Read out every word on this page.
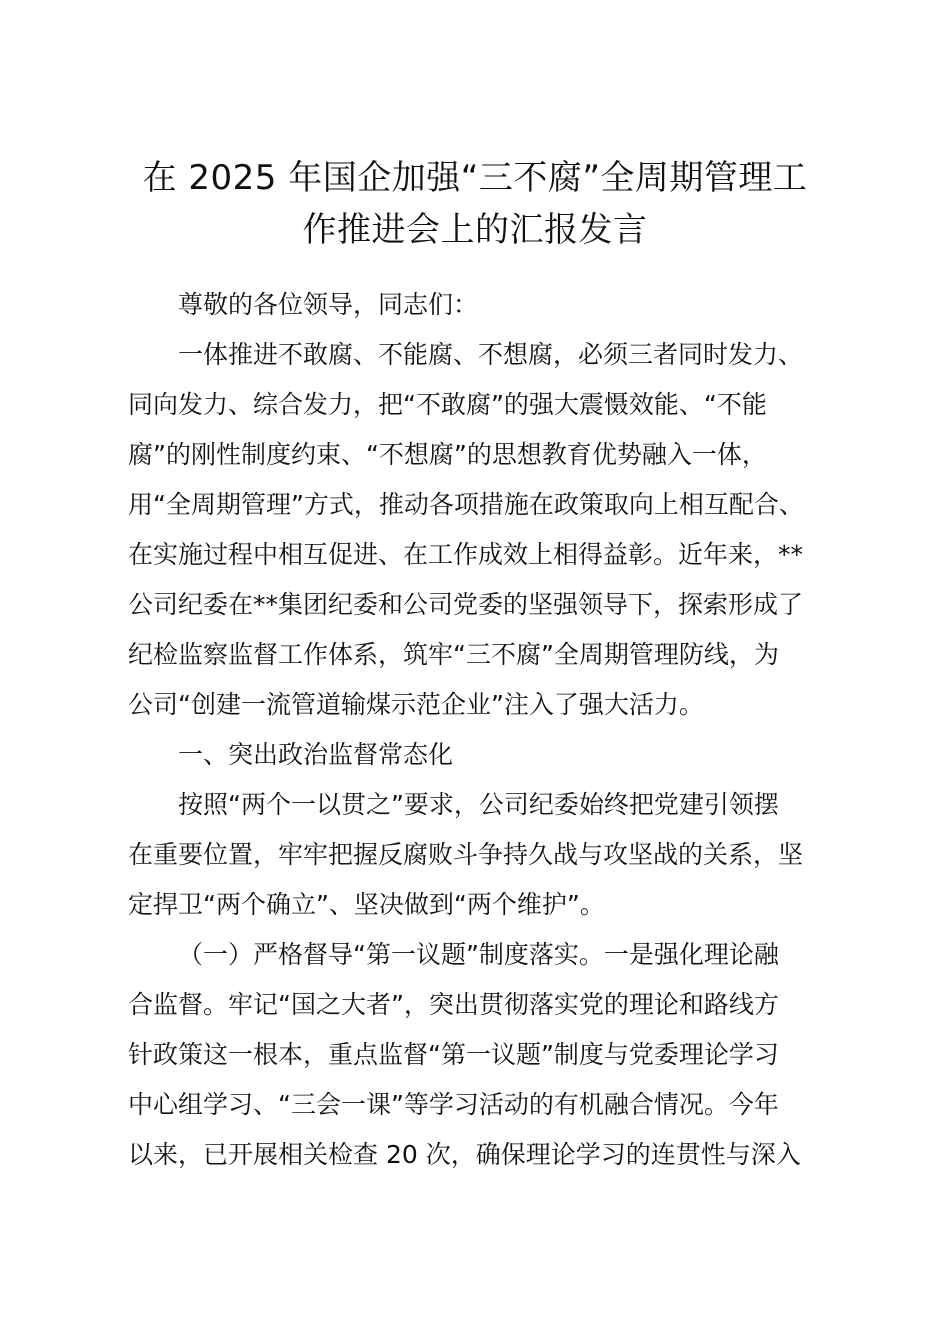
在 2025 年国企加强“三不腐”全周期管理工
作推进会上的汇报发言
尊敬的各位领导，同志们：
一体推进不敢腐、不能腐、不想腐，必须三者同时发力、
同向发力、综合发力，把“不敢腐”的强大震慑效能、“不能
腐”的刚性制度约束、“不想腐”的思想教育优势融入一体，
用“全周期管理”方式，推动各项措施在政策取向上相互配合、
在实施过程中相互促进、在工作成效上相得益彰。近年来，**
公司纪委在**集团纪委和公司党委的坚强领导下，探索形成了
纪检监察监督工作体系，筑牢“三不腐”全周期管理防线，为
公司“创建一流管道输煤示范企业”注入了强大活力。
一、突出政治监督常态化
按照“两个一以贯之”要求，公司纪委始终把党建引领摆
在重要位置，牢牢把握反腐败斗争持久战与攻坚战的关系，坚
定捍卫“两个确立”、坚决做到“两个维护”。
（一）严格督导“第一议题”制度落实。一是强化理论融
合监督。牢记“国之大者”，突出贯彻落实党的理论和路线方
针政策这一根本，重点监督“第一议题”制度与党委理论学习
中心组学习、“三会一课”等学习活动的有机融合情况。今年
以来，已开展相关检查 20 次，确保理论学习的连贯性与深入
